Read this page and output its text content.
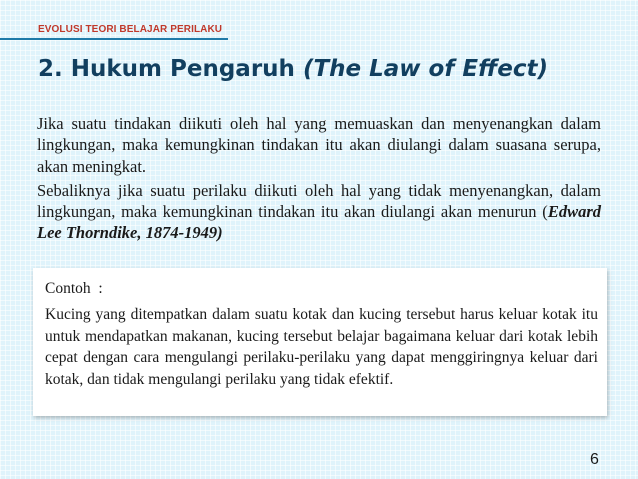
EVOLUSI TEORI BELAJAR PERILAKU
2. Hukum Pengaruh (The Law of Effect)

Jika suatu tindakan diikuti oleh hal yang memuaskan dan menyenangkan dalam lingkungan, maka kemungkinan tindakan itu akan diulangi dalam suasana serupa, akan meningkat.

Sebaliknya jika suatu perilaku diikuti oleh hal yang tidak menyenangkan, dalam lingkungan, maka kemungkinan tindakan itu akan diulangi akan menurun (Edward Lee Thorndike, 1874-1949)

Contoh  :

Kucing yang ditempatkan dalam suatu kotak dan kucing tersebut harus keluar kotak itu untuk mendapatkan makanan, kucing tersebut belajar bagaimana keluar dari kotak lebih cepat dengan cara mengulangi perilaku-perilaku yang dapat menggiringnya keluar dari kotak, dan tidak mengulangi perilaku yang tidak efektif.

6
